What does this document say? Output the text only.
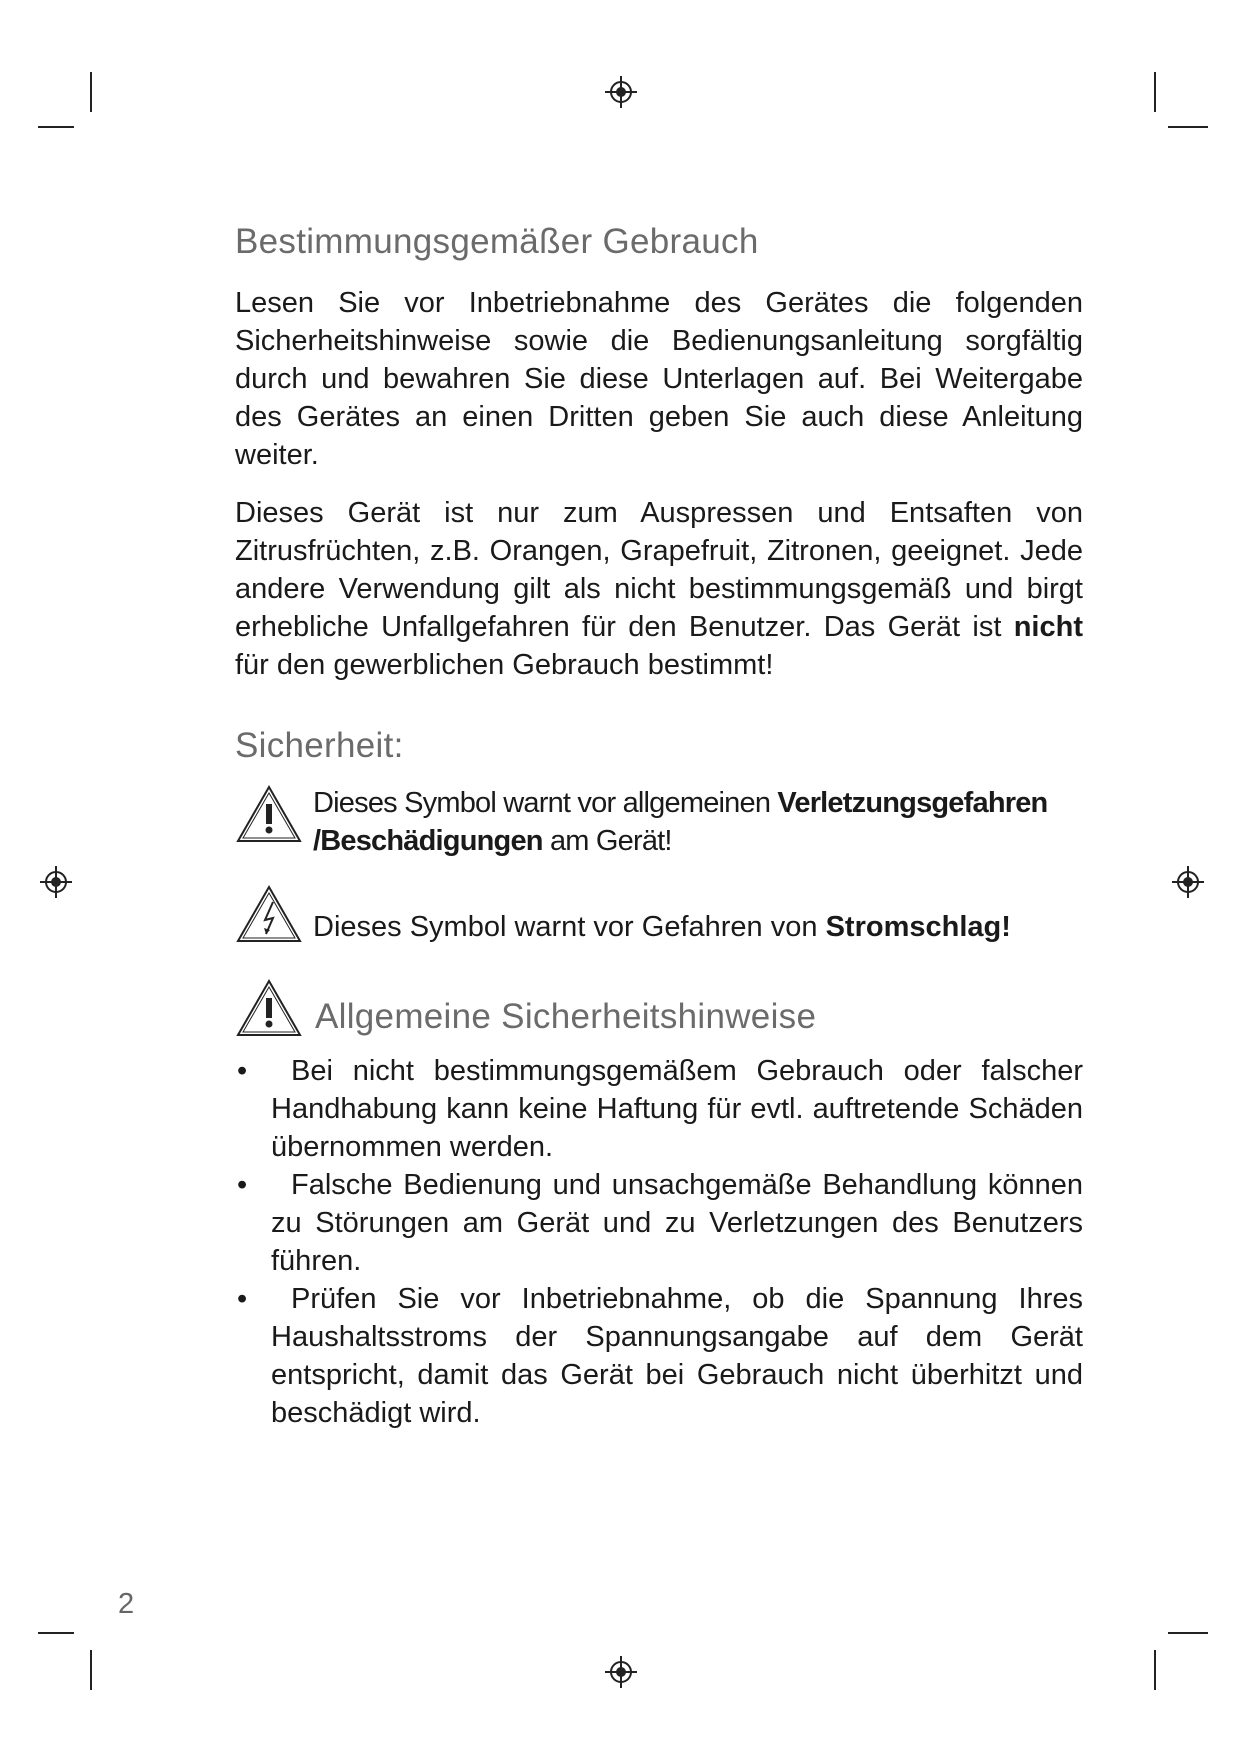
Bestimmungsgemäßer Gebrauch

Lesen Sie vor Inbetriebnahme des Gerätes die folgenden Sicherheitshinweise sowie die Bedienungsanleitung sorgfältig durch und bewahren Sie diese Unterlagen auf. Bei Weitergabe des Gerätes an einen Dritten geben Sie auch diese Anleitung weiter.

Dieses Gerät ist nur zum Auspressen und Entsaften von Zitrusfrüchten, z.B. Orangen, Grapefruit, Zitronen, geeignet. Jede andere Verwendung gilt als nicht bestimmungsgemäß und birgt erhebliche Unfallgefahren für den Benutzer. Das Gerät ist nicht für den gewerblichen Gebrauch bestimmt!

Sicherheit:
Dieses Symbol warnt vor allgemeinen Verletzungsgefahren /Beschädigungen am Gerät!
Dieses Symbol warnt vor Gefahren von Stromschlag!
Allgemeine Sicherheitshinweise
•	Bei nicht bestimmungsgemäßem Gebrauch oder falscher Handhabung kann keine Haftung für evtl. auftretende Schäden übernommen werden.
•	Falsche Bedienung und unsachgemäße Behandlung können zu Störungen am Gerät und zu Verletzungen des Benutzers führen.
•	Prüfen Sie vor Inbetriebnahme, ob die Spannung Ihres Haushaltsstroms der Spannungsangabe auf dem Gerät entspricht, damit das Gerät bei Gebrauch nicht überhitzt und beschädigt wird.
2
